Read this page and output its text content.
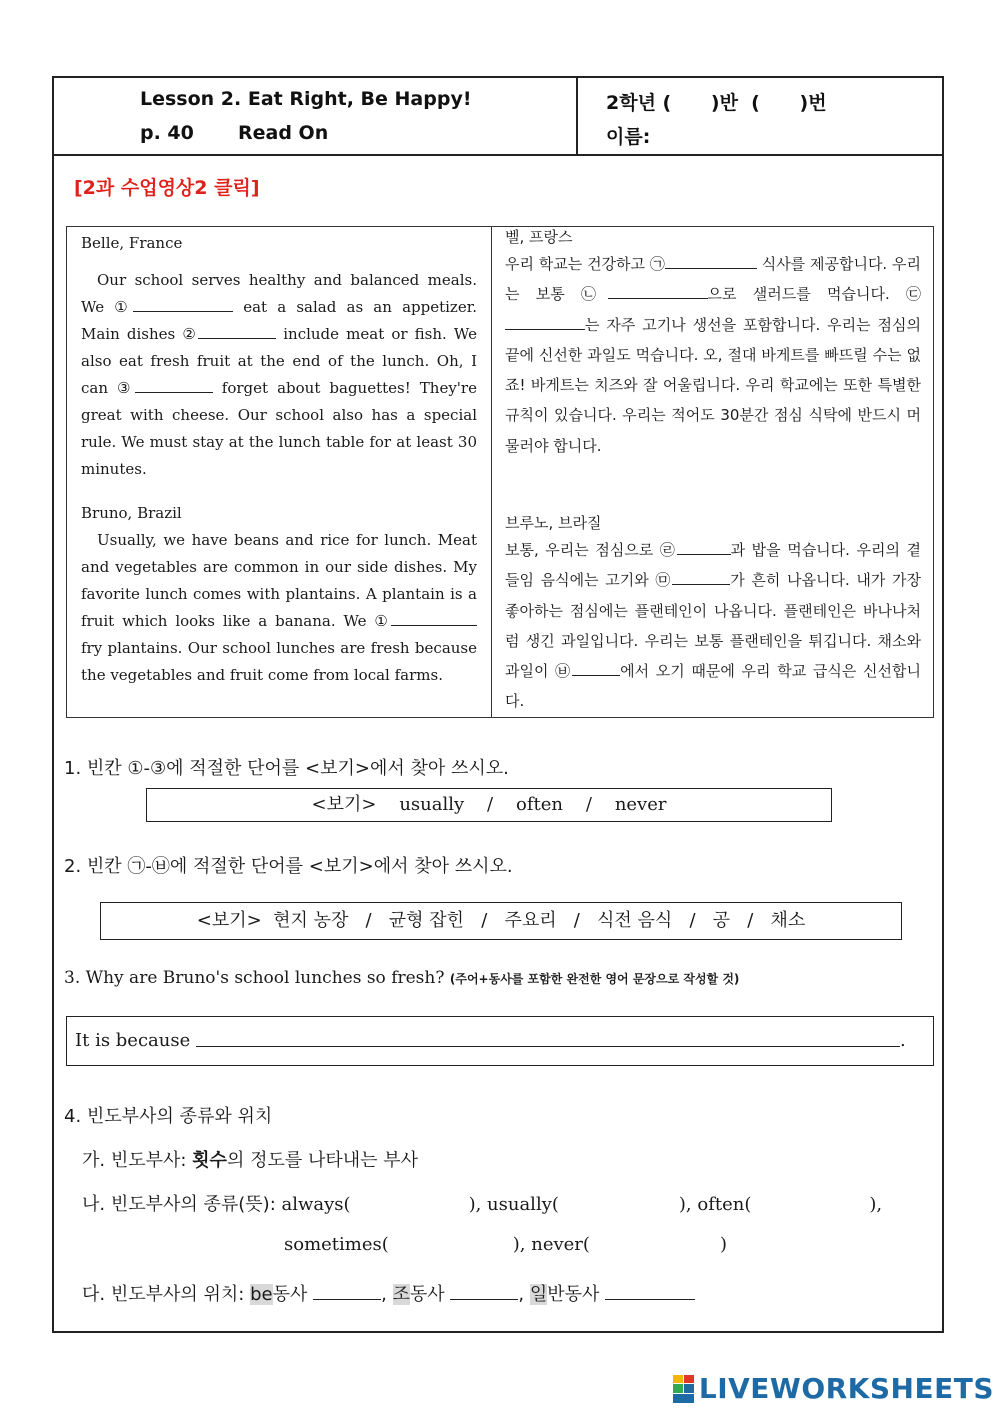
Lesson 2. Eat Right, Be Happy!
p. 40 Read On
2학년 (      )반  (      )번
이름:
[2과 수업영상2 클릭]
Belle, France

Our school serves healthy and balanced meals. We ①	eat a salad as an appetizer. Main dishes ②	include meat or fish. We also eat fresh fruit at the end of the lunch. Oh, I can ③	forget about baguettes! They're great with cheese. Our school also has a special rule. We must stay at the lunch table for at least 30 minutes.

Bruno, Brazil

Usually, we have beans and rice for lunch. Meat and vegetables are common in our side dishes. My favorite lunch comes with plantains. A plantain is a fruit which looks like a banana. We ① fry plantains. Our school lunches are fresh because the vegetables and fruit come from local farms.

벨, 프랑스

우리 학교는 건강하고 ㉠	식사를 제공합니다. 우리는 보통 ㉡	으로 샐러드를 먹습니다. ㉢는 자주 고기나 생선을 포함합니다. 우리는 점심의 끝에 신선한 과일도 먹습니다. 오, 절대 바게트를 빠뜨릴 수는 없죠! 바게트는 치즈와 잘 어울립니다. 우리 학교에는 또한 특별한 규칙이 있습니다. 우리는 적어도 30분간 점심 식탁에 반드시 머물러야 합니다.

브루노, 브라질

보통, 우리는 점심으로 ㉣	과 밥을 먹습니다. 우리의 곁들임 음식에는 고기와 ㉤	가 흔히 나옵니다. 내가 가장 좋아하는 점심에는 플랜테인이 나옵니다. 플랜테인은 바나나처럼 생긴 과일입니다. 우리는 보통 플랜테인을 튀깁니다. 채소와 과일이 ㉥	에서 오기 때문에 우리 학교 급식은 신선합니다.

1. 빈칸 ①-③에 적절한 단어를 <보기>에서 찾아 쓰시오.
<보기>    usually    /    often    /    never
2. 빈칸 ㉠-㉥에 적절한 단어를 <보기>에서 찾아 쓰시오.
<보기>  현지 농장   /   균형 잡힌   /   주요리   /   식전 음식   /   공   /   채소
3. Why are Bruno's school lunches so fresh? (주어+동사를 포함한 완전한 영어 문장으로 작성할 것)
It is because	.
4. 빈도부사의 종류와 위치
가. 빈도부사: 횟수의 정도를 나타내는 부사
나. 빈도부사의 종류(뜻): always(	), usually(	), often(	),
sometimes(	), never(	)
다. 빈도부사의 위치: be동사	, 조동사	, 일반동사
LIVEWORKSHEETS
